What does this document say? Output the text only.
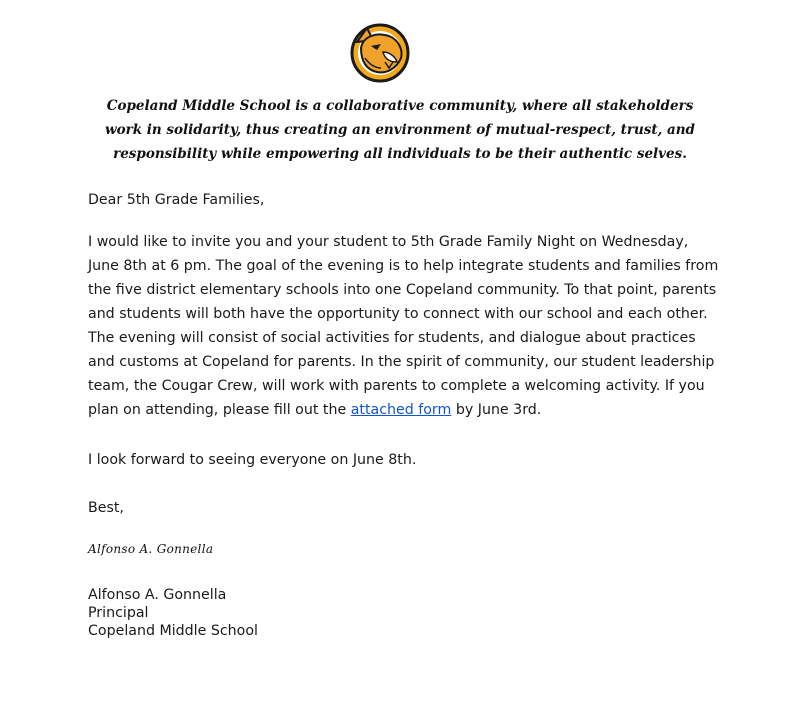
Copeland Middle School is a collaborative community, where all stakeholders work in solidarity, thus creating an environment of mutual-respect, trust, and responsibility while empowering all individuals to be their authentic selves.
Dear 5th Grade Families,
I would like to invite you and your student to 5th Grade Family Night on Wednesday, June 8th at 6 pm. The goal of the evening is to help integrate students and families from the five district elementary schools into one Copeland community. To that point, parents and students will both have the opportunity to connect with our school and each other. The evening will consist of social activities for students, and dialogue about practices and customs at Copeland for parents. In the spirit of community, our student leadership team, the Cougar Crew, will work with parents to complete a welcoming activity. If you plan on attending, please fill out the attached form by June 3rd.
I look forward to seeing everyone on June 8th.
Best,
Alfonso A. Gonnella
Alfonso A. Gonnella
Principal
Copeland Middle School
